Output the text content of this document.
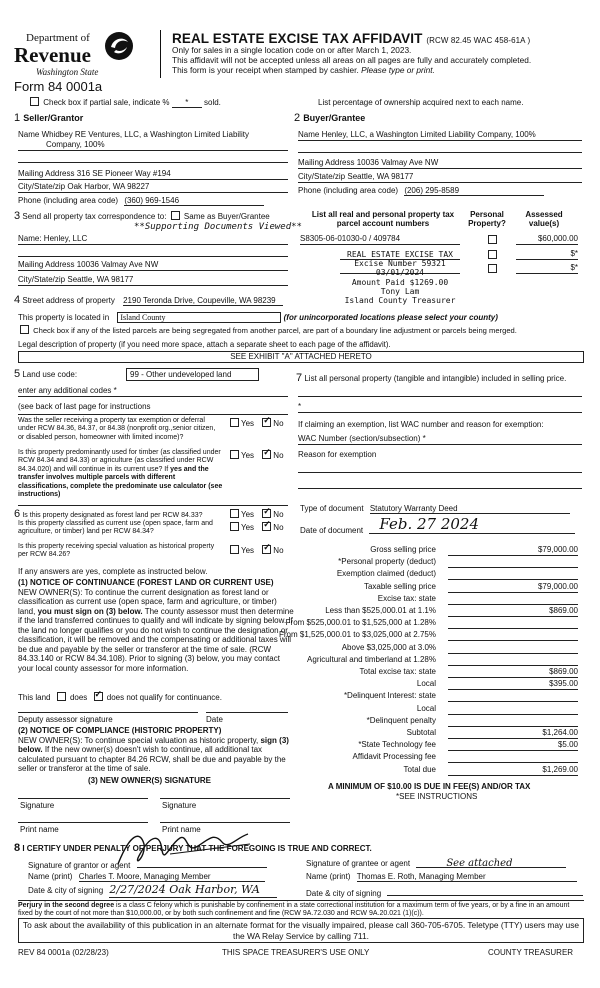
Department of
Revenue
Washington State
Form 84 0001a
REAL ESTATE EXCISE TAX AFFIDAVIT (RCW 82.45 WAC 458-61A )
Only for sales in a single location code on or after March 1, 2023.
This affidavit will not be accepted unless all areas on all pages are fully and accurately completed.
This form is your receipt when stamped by cashier. Please type or print.
Check box if partial sale, indicate % * sold.	List percentage of ownership acquired next to each name.
1 Seller/Grantor
Name Whidbey RE Ventures, LLC, a Washington Limited Liability
Company, 100%
Mailing Address 316 SE Pioneer Way #194
City/State/zip Oak Harbor, WA 98227
Phone (including area code) (360) 969-1546
2 Buyer/Grantee
Name Henley, LLC, a Washington Limited Liability Company, 100%
Mailing Address 10036 Valmay Ave NW
City/State/zip Seattle, WA 98177
Phone (including area code) (206) 295-8589
3 Send all property tax correspondence to: Same as Buyer/Grantee
**Supporting Documents Viewed**
Name: Henley, LLC
Mailing Address 10036 Valmay Ave NW
City/State/zip Seattle, WA 98177
List all real and personal property tax parcel account numbers
Personal Property?
Assessed value(s)
S8305-06-01030-0 / 409784	$60,000.00
$*
$*
REAL ESTATE EXCISE TAX
Excise Number 59321
03/01/2024
Amount Paid $1269.00
Tony Lam
Island County Treasurer
4 Street address of property 2190 Teronda Drive, Coupeville, WA 98239
This property is located in Island County	(for unincorporated locations please select your county)
Check box if any of the listed parcels are being segregated from another parcel, are part of a boundary line adjustment or parcels being merged.
Legal description of property (if you need more space, attach a separate sheet to each page of the affidavit).
SEE EXHIBIT "A" ATTACHED HERETO
5 Land use code:	99 - Other undeveloped land
enter any additional codes *
(see back of last page for instructions
Was the seller receiving a property tax exemption or deferral under RCW 84.36, 84.37, or 84.38 (nonprofit org.,senior citizen, or disabled person, homeowner with limited income)?
Yes ✓ No
Is this property predominantly used for timber (as classified under RCW 84.34 and 84.33) or agriculture (as classified under RCW 84.34.020) and will continue in its current use? If yes and the transfer involves multiple parcels with different classifications, complete the predominate use calculator (see instructions)
Yes ✓ No
7 List all personal property (tangible and intangible) included in selling price.
*
If claiming an exemption, list WAC number and reason for exemption:
WAC Number (section/subsection) *
Reason for exemption
6 Is this property designated as forest land per RCW 84.33?	Yes ✓ No
Is this property classified as current use (open space, farm and agriculture, or timber) land per RCW 84.34?	Yes ✓ No
Is this property receiving special valuation as historical property per RCW 84.26?	Yes ✓ No
If any answers are yes, complete as instructed below.
(1) NOTICE OF CONTINUANCE (FOREST LAND OR CURRENT USE)
NEW OWNER(S): To continue the current designation as forest land or classification as current use (open space, farm and agriculture, or timber) land, you must sign on (3) below. The county assessor must then determine if the land transferred continues to qualify and will indicate by signing below. If the land no longer qualifies or you do not wish to continue the designation or classification, it will be removed and the compensating or additional taxes will be due and payable by the seller or transferor at the time of sale. (RCW 84.33.140 or RCW 84.34.108). Prior to signing (3) below, you may contact your local county assessor for more information.
This land does ✓ does not qualify for continuance.
Deputy assessor signature	Date
(2) NOTICE OF COMPLIANCE (HISTORIC PROPERTY)
NEW OWNER(S): To continue special valuation as historic property, sign (3) below. If the new owner(s) doesn't wish to continue, all additional tax calculated pursuant to chapter 84.26 RCW, shall be due and payable by the seller or transferor at the time of sale.
(3) NEW OWNER(S) SIGNATURE
Signature	Signature
Print name	Print name
Type of document Statutory Warranty Deed
Date of document Feb. 27 2024
Gross selling price	$79,000.00
*Personal property (deduct)
Exemption claimed (deduct)
Taxable selling price	$79,000.00
Excise tax: state
Less than $525,000.01 at 1.1%	$869.00
From $525,000.01 to $1,525,000 at 1.28%
From $1,525,000.01 to $3,025,000 at 2.75%
Above $3,025,000 at 3.0%
Agricultural and timberland at 1.28%
Total excise tax: state	$869.00
Local	$395.00
*Delinquent Interest: state
Local
*Delinquent penalty
Subtotal	$1,264.00
*State Technology fee	$5.00
Affidavit Processing fee
Total due	$1,269.00
A MINIMUM OF $10.00 IS DUE IN FEE(S) AND/OR TAX
*SEE INSTRUCTIONS
8 I CERTIFY UNDER PENALTY OF PERJURY THAT THE FOREGOING IS TRUE AND CORRECT.
Signature of grantor or agent	Signature of grantee or agent	See attached
Name (print) Charles T. Moore, Managing Member	Name (print) Thomas E. Roth, Managing Member
Date & city of signing 2/27/2024 Oak Harbor, WA	Date & city of signing
Perjury in the second degree is a class C felony which is punishable by confinement in a state correctional institution for a maximum term of five years, or by a fine in an amount fixed by the court of not more than $10,000.00, or by both such confinement and fine (RCW 9A.72.030 and RCW 9A.20.021 (1)(c)).
To ask about the availability of this publication in an alternate format for the visually impaired, please call 360-705-6705. Teletype (TTY) users may use the WA Relay Service by calling 711.
REV 84 0001a (02/28/23)	THIS SPACE TREASURER'S USE ONLY	COUNTY TREASURER
